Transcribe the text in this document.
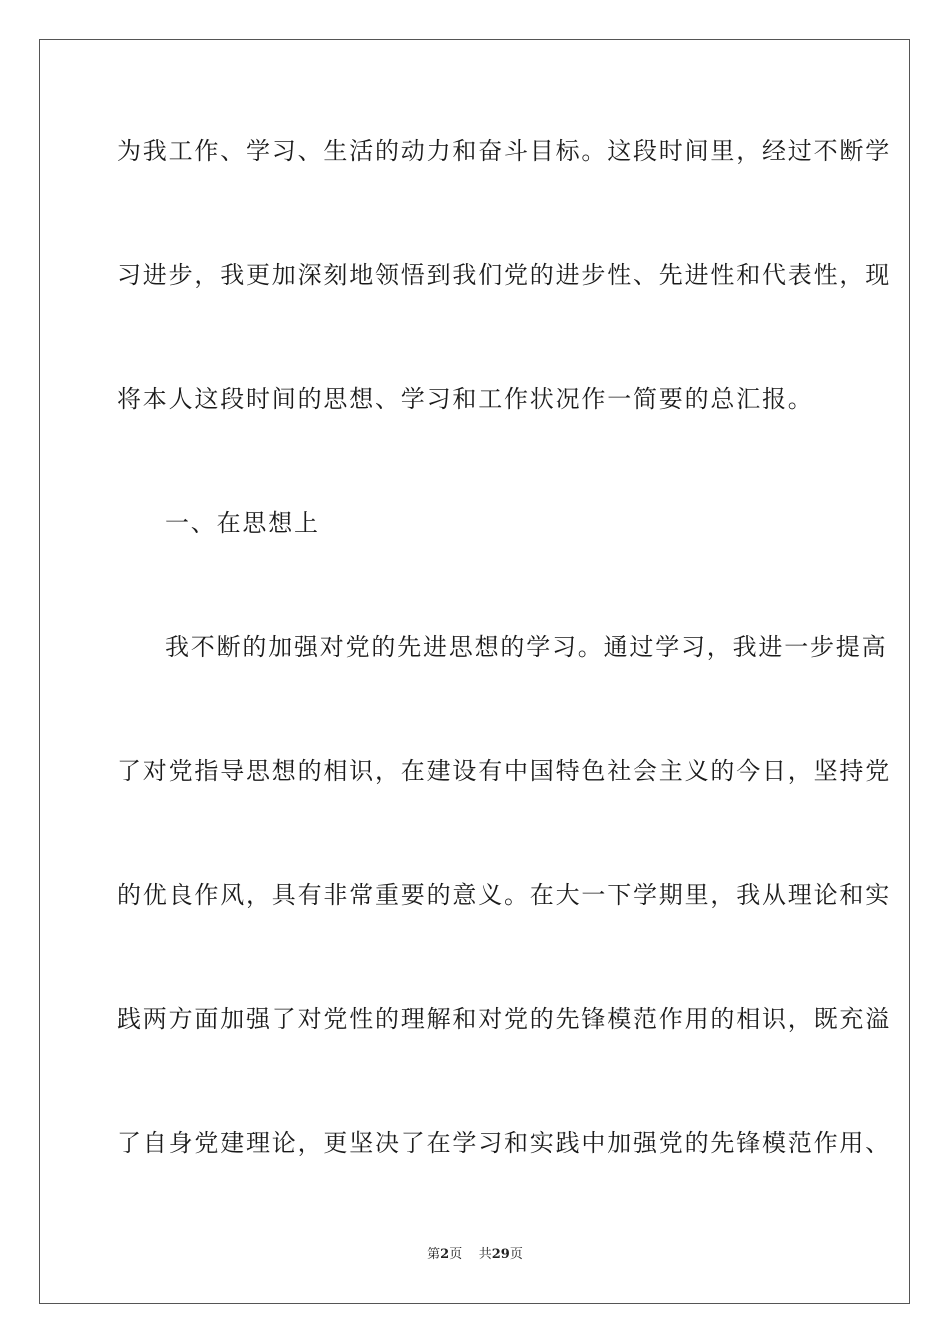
为我工作、学习、生活的动力和奋斗目标。这段时间里，经过不断学
习进步，我更加深刻地领悟到我们党的进步性、先进性和代表性，现
将本人这段时间的思想、学习和工作状况作一简要的总汇报。
一、在思想上
我不断的加强对党的先进思想的学习。通过学习，我进一步提高
了对党指导思想的相识，在建设有中国特色社会主义的今日，坚持党
的优良作风，具有非常重要的意义。在大一下学期里，我从理论和实
践两方面加强了对党性的理解和对党的先锋模范作用的相识，既充溢
了自身党建理论，更坚决了在学习和实践中加强党的先锋模范作用、
第2页 共29页
